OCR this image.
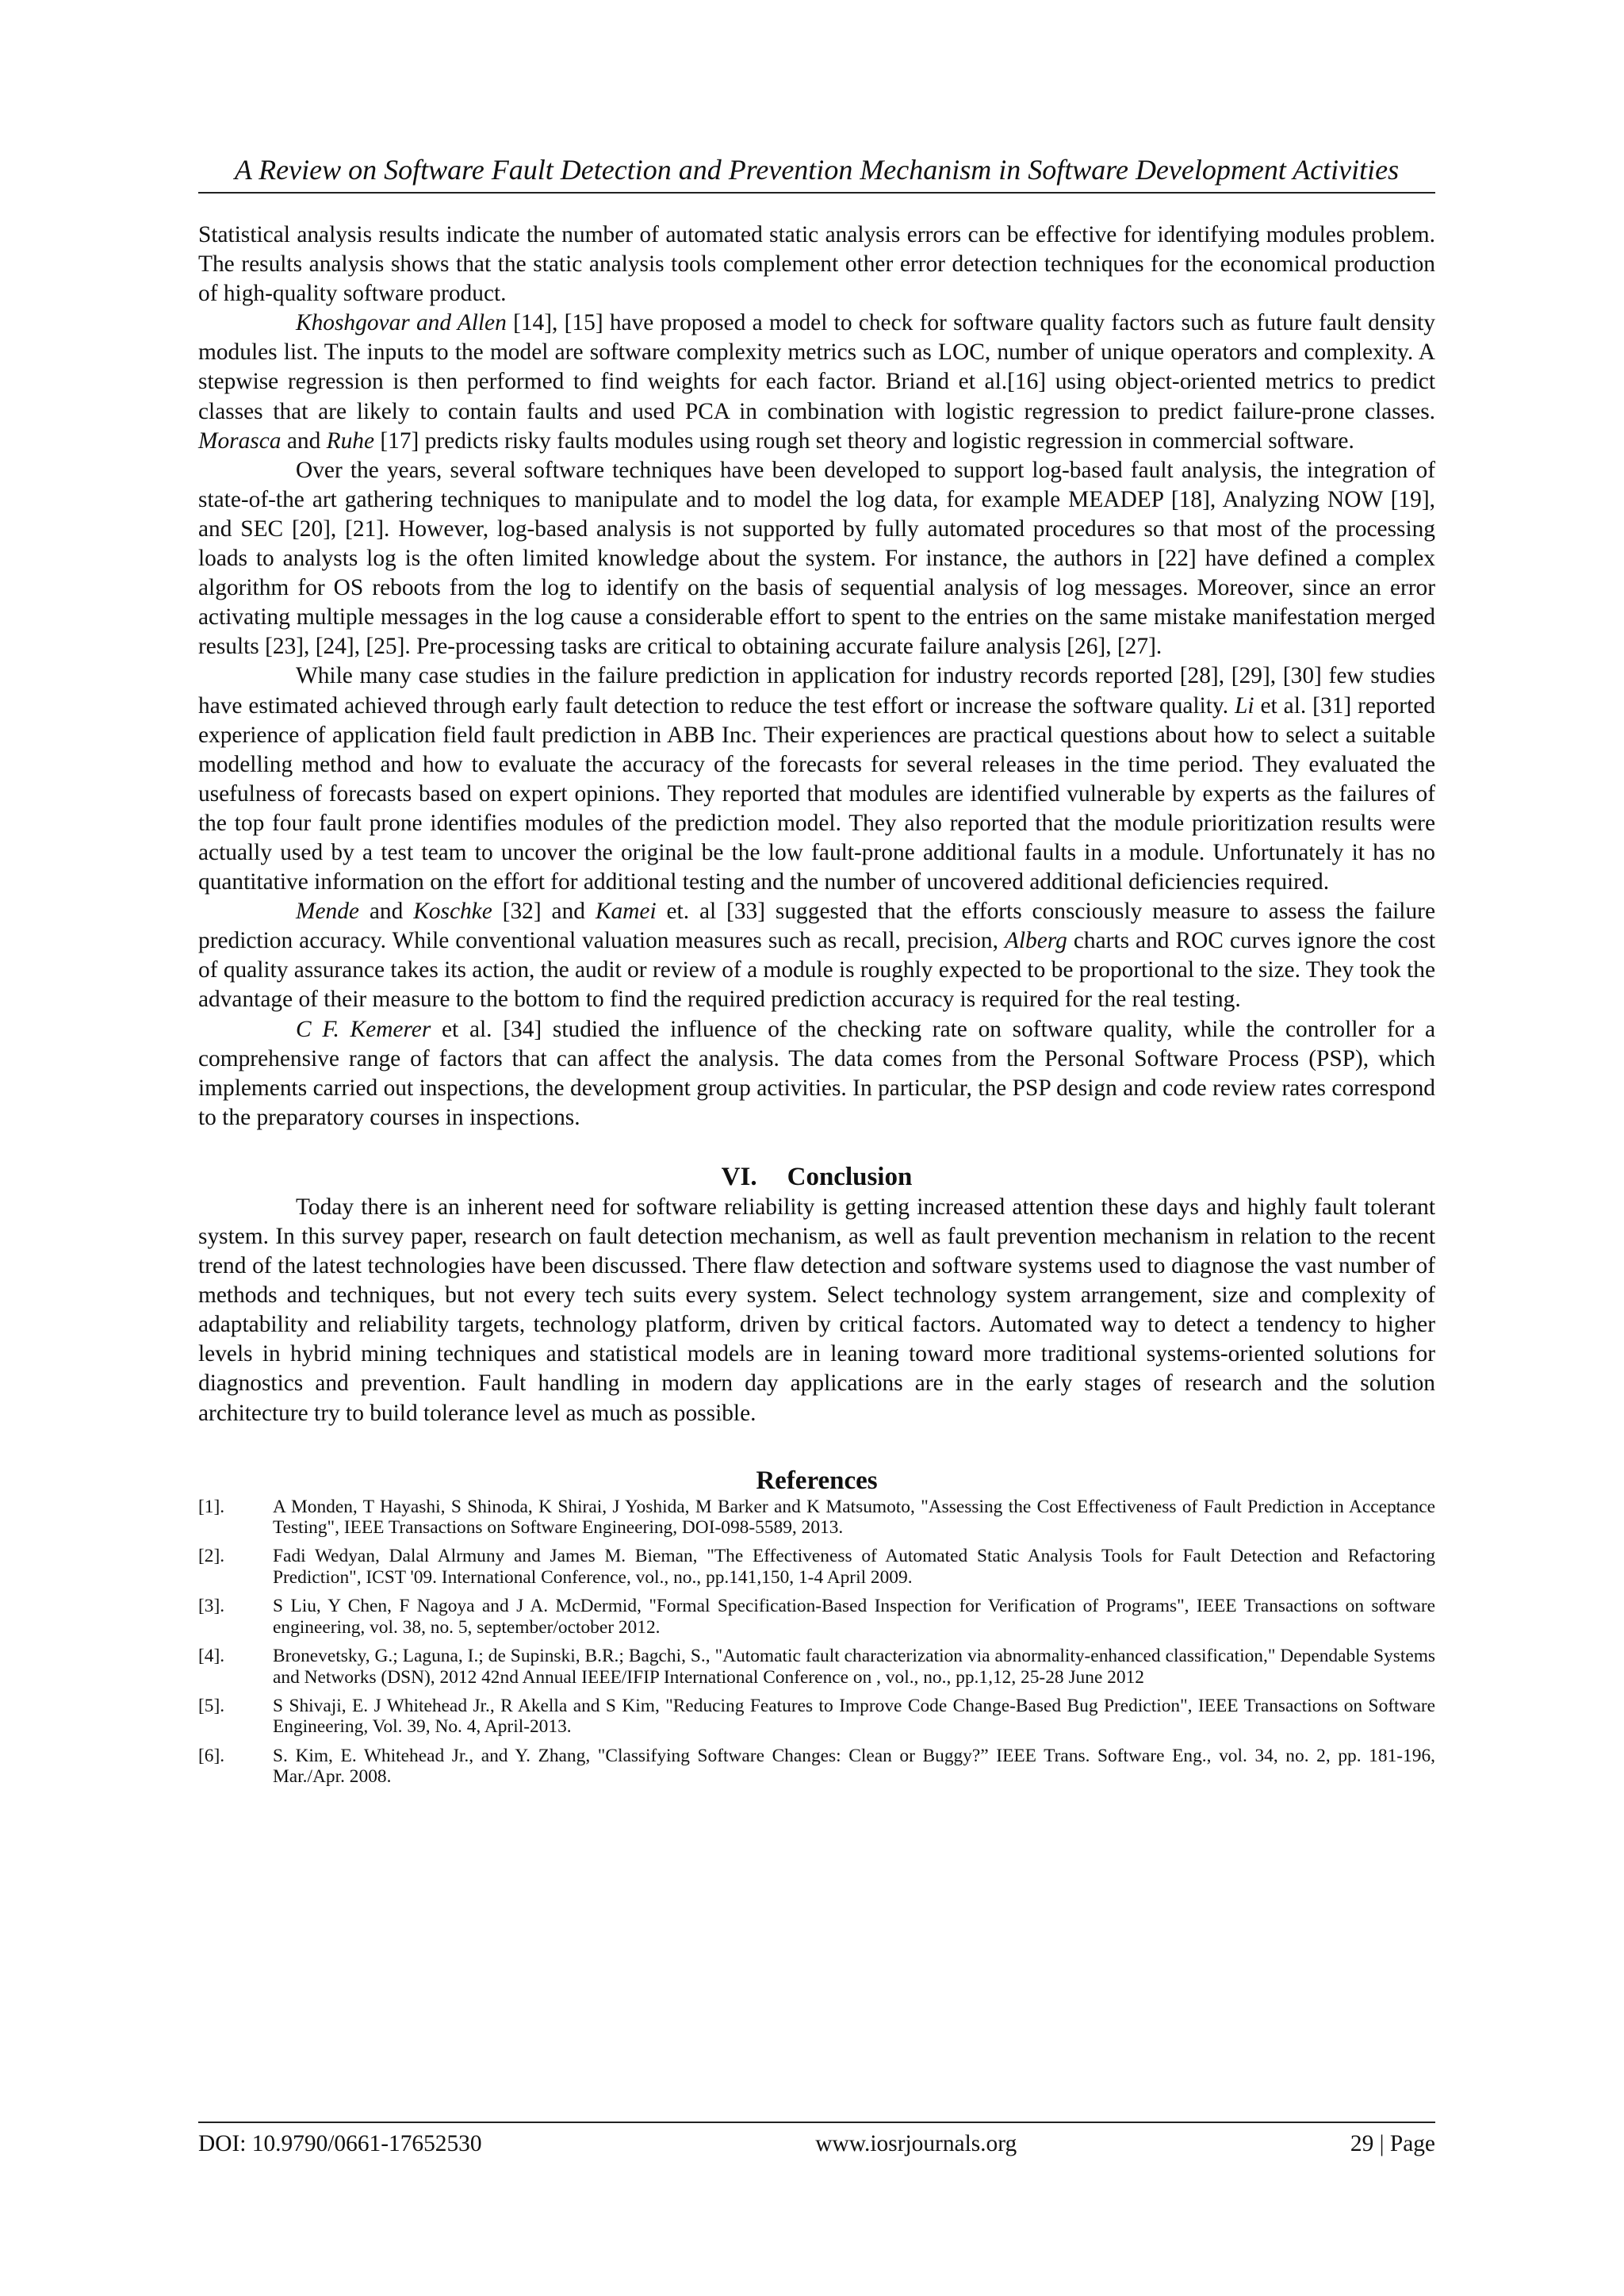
A Review on Software Fault Detection and Prevention Mechanism in Software Development Activities

Statistical analysis results indicate the number of automated static analysis errors can be effective for identifying modules problem. The results analysis shows that the static analysis tools complement other error detection techniques for the economical production of high-quality software product.

Khoshgovar and Allen [14], [15] have proposed a model to check for software quality factors such as future fault density modules list. The inputs to the model are software complexity metrics such as LOC, number of unique operators and complexity. A stepwise regression is then performed to find weights for each factor. Briand et al.[16] using object-oriented metrics to predict classes that are likely to contain faults and used PCA in combination with logistic regression to predict failure-prone classes. Morasca and Ruhe [17] predicts risky faults modules using rough set theory and logistic regression in commercial software.

Over the years, several software techniques have been developed to support log-based fault analysis, the integration of state-of-the art gathering techniques to manipulate and to model the log data, for example MEADEP [18], Analyzing NOW [19], and SEC [20], [21]. However, log-based analysis is not supported by fully automated procedures so that most of the processing loads to analysts log is the often limited knowledge about the system. For instance, the authors in [22] have defined a complex algorithm for OS reboots from the log to identify on the basis of sequential analysis of log messages. Moreover, since an error activating multiple messages in the log cause a considerable effort to spent to the entries on the same mistake manifestation merged results [23], [24], [25]. Pre-processing tasks are critical to obtaining accurate failure analysis [26], [27].

While many case studies in the failure prediction in application for industry records reported [28], [29], [30] few studies have estimated achieved through early fault detection to reduce the test effort or increase the software quality. Li et al. [31] reported experience of application field fault prediction in ABB Inc. Their experiences are practical questions about how to select a suitable modelling method and how to evaluate the accuracy of the forecasts for several releases in the time period. They evaluated the usefulness of forecasts based on expert opinions. They reported that modules are identified vulnerable by experts as the failures of the top four fault prone identifies modules of the prediction model. They also reported that the module prioritization results were actually used by a test team to uncover the original be the low fault-prone additional faults in a module. Unfortunately it has no quantitative information on the effort for additional testing and the number of uncovered additional deficiencies required.

Mende and Koschke [32] and Kamei et. al [33] suggested that the efforts consciously measure to assess the failure prediction accuracy. While conventional valuation measures such as recall, precision, Alberg charts and ROC curves ignore the cost of quality assurance takes its action, the audit or review of a module is roughly expected to be proportional to the size. They took the advantage of their measure to the bottom to find the required prediction accuracy is required for the real testing.

C F. Kemerer et al. [34] studied the influence of the checking rate on software quality, while the controller for a comprehensive range of factors that can affect the analysis. The data comes from the Personal Software Process (PSP), which implements carried out inspections, the development group activities. In particular, the PSP design and code review rates correspond to the preparatory courses in inspections.

VI. Conclusion

Today there is an inherent need for software reliability is getting increased attention these days and highly fault tolerant system. In this survey paper, research on fault detection mechanism, as well as fault prevention mechanism in relation to the recent trend of the latest technologies have been discussed. There flaw detection and software systems used to diagnose the vast number of methods and techniques, but not every tech suits every system. Select technology system arrangement, size and complexity of adaptability and reliability targets, technology platform, driven by critical factors. Automated way to detect a tendency to higher levels in hybrid mining techniques and statistical models are in leaning toward more traditional systems-oriented solutions for diagnostics and prevention. Fault handling in modern day applications are in the early stages of research and the solution architecture try to build tolerance level as much as possible.

References
[1].	A Monden, T Hayashi, S Shinoda, K Shirai, J Yoshida, M Barker and K Matsumoto, "Assessing the Cost Effectiveness of Fault Prediction in Acceptance Testing", IEEE Transactions on Software Engineering, DOI-098-5589, 2013.
[2].	Fadi Wedyan, Dalal Alrmuny and James M. Bieman, "The Effectiveness of Automated Static Analysis Tools for Fault Detection and Refactoring Prediction", ICST '09. International Conference, vol., no., pp.141,150, 1-4 April 2009.
[3].	S Liu, Y Chen, F Nagoya and J A. McDermid, "Formal Specification-Based Inspection for Verification of Programs", IEEE Transactions on software engineering, vol. 38, no. 5, september/october 2012.
[4].	Bronevetsky, G.; Laguna, I.; de Supinski, B.R.; Bagchi, S., "Automatic fault characterization via abnormality-enhanced classification," Dependable Systems and Networks (DSN), 2012 42nd Annual IEEE/IFIP International Conference on , vol., no., pp.1,12, 25-28 June 2012
[5].	S Shivaji, E. J Whitehead Jr., R Akella and S Kim, "Reducing Features to Improve Code Change-Based Bug Prediction", IEEE Transactions on Software Engineering, Vol. 39, No. 4, April-2013.
[6].	S. Kim, E. Whitehead Jr., and Y. Zhang, "Classifying Software Changes: Clean or Buggy?” IEEE Trans. Software Eng., vol. 34, no. 2, pp. 181-196, Mar./Apr. 2008.
DOI: 10.9790/0661-17652530	www.iosrjournals.org	29 | Page
